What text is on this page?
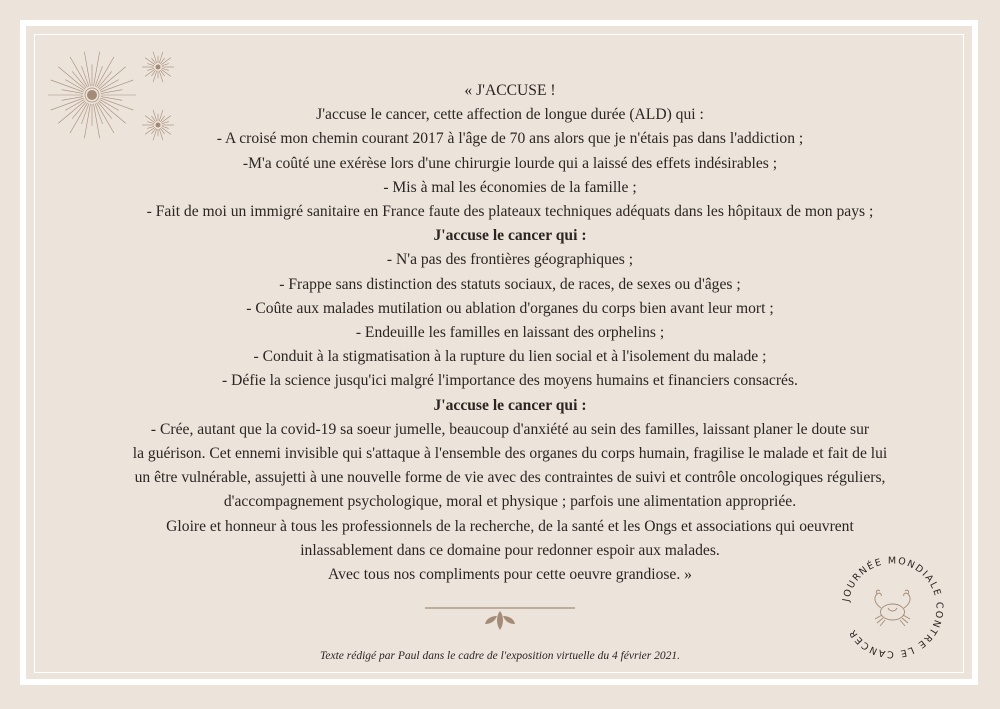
« J'ACCUSE !
J'accuse le cancer, cette affection de longue durée (ALD) qui :
- A croisé mon chemin courant 2017 à l'âge de 70 ans alors que je n'étais pas dans l'addiction ;
-M'a coûté une exérèse lors d'une chirurgie lourde qui a laissé des effets indésirables ;
- Mis à mal les économies de la famille ;
- Fait de moi un immigré sanitaire en France faute des plateaux techniques adéquats dans les hôpitaux de mon pays ;
J'accuse le cancer qui :
- N'a pas des frontières géographiques ;
- Frappe sans distinction des statuts sociaux, de races, de sexes ou d'âges ;
- Coûte aux malades mutilation ou ablation d'organes du corps bien avant leur mort ;
- Endeuille les familles en laissant des orphelins ;
- Conduit à la stigmatisation à la rupture du lien social et à l'isolement du malade ;
- Défie la science jusqu'ici malgré l'importance des moyens humains et financiers consacrés.
J'accuse le cancer qui :
- Crée, autant que la covid-19 sa soeur jumelle, beaucoup d'anxiété au sein des familles, laissant planer le doute sur
la guérison. Cet ennemi invisible qui s'attaque à l'ensemble des organes du corps humain, fragilise le malade et fait de lui
un être vulnérable, assujetti à une nouvelle forme de vie avec des contraintes de suivi et contrôle oncologiques réguliers,
d'accompagnement psychologique, moral et physique ; parfois une alimentation appropriée.
Gloire et honneur à tous les professionnels de la recherche, de la santé et les Ongs et associations qui oeuvrent
inlassablement dans ce domaine pour redonner espoir aux malades.
Avec tous nos compliments pour cette oeuvre grandiose. »
Texte rédigé par Paul dans le cadre de l'exposition virtuelle du 4 février 2021.
JOURNÉE MONDIALE CONTRE LE CANCER
